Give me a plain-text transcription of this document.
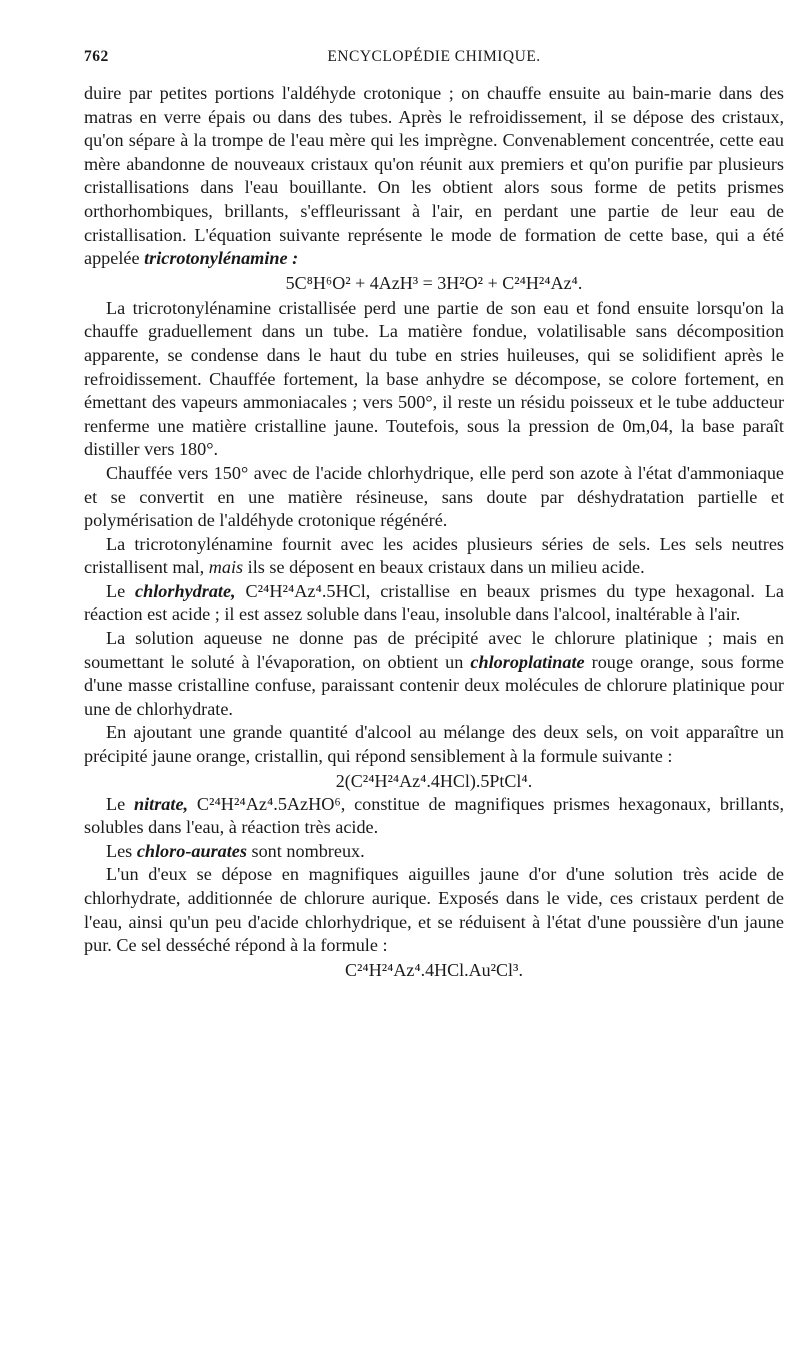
762	ENCYCLOPÉDIE CHIMIQUE.

duire par petites portions l'aldéhyde crotonique ; on chauffe ensuite au bain-marie dans des matras en verre épais ou dans des tubes. Après le refroidissement, il se dépose des cristaux, qu'on sépare à la trompe de l'eau mère qui les imprègne. Convenablement concentrée, cette eau mère abandonne de nouveaux cristaux qu'on réunit aux premiers et qu'on purifie par plusieurs cristallisations dans l'eau bouillante. On les obtient alors sous forme de petits prismes orthorhombiques, brillants, s'effleurissant à l'air, en perdant une partie de leur eau de cristallisation. L'équation suivante représente le mode de formation de cette base, qui a été appelée tricrotonylénamine :

5C⁸H⁶O² + 4AzH³ = 3H²O² + C²⁴H²⁴Az⁴.

La tricrotonylénamine cristallisée perd une partie de son eau et fond ensuite lorsqu'on la chauffe graduellement dans un tube. La matière fondue, volatilisable sans décomposition apparente, se condense dans le haut du tube en stries huileuses, qui se solidifient après le refroidissement. Chauffée fortement, la base anhydre se décompose, se colore fortement, en émettant des vapeurs ammoniacales ; vers 500°, il reste un résidu poisseux et le tube adducteur renferme une matière cristalline jaune. Toutefois, sous la pression de 0m,04, la base paraît distiller vers 180°.

Chauffée vers 150° avec de l'acide chlorhydrique, elle perd son azote à l'état d'ammoniaque et se convertit en une matière résineuse, sans doute par déshydratation partielle et polymérisation de l'aldéhyde crotonique régénéré.

La tricrotonylénamine fournit avec les acides plusieurs séries de sels. Les sels neutres cristallisent mal, mais ils se déposent en beaux cristaux dans un milieu acide.

Le chlorhydrate, C²⁴H²⁴Az⁴.5HCl, cristallise en beaux prismes du type hexagonal. La réaction est acide ; il est assez soluble dans l'eau, insoluble dans l'alcool, inaltérable à l'air.

La solution aqueuse ne donne pas de précipité avec le chlorure platinique ; mais en soumettant le soluté à l'évaporation, on obtient un chloroplatinate rouge orange, sous forme d'une masse cristalline confuse, paraissant contenir deux molécules de chlorure platinique pour une de chlorhydrate.

En ajoutant une grande quantité d'alcool au mélange des deux sels, on voit apparaître un précipité jaune orange, cristallin, qui répond sensiblement à la formule suivante :

2(C²⁴H²⁴Az⁴.4HCl).5PtCl⁴.

Le nitrate, C²⁴H²⁴Az⁴.5AzHO⁶, constitue de magnifiques prismes hexagonaux, brillants, solubles dans l'eau, à réaction très acide.

Les chloro-aurates sont nombreux.

L'un d'eux se dépose en magnifiques aiguilles jaune d'or d'une solution très acide de chlorhydrate, additionnée de chlorure aurique. Exposés dans le vide, ces cristaux perdent de l'eau, ainsi qu'un peu d'acide chlorhydrique, et se réduisent à l'état d'une poussière d'un jaune pur. Ce sel desséché répond à la formule :

C²⁴H²⁴Az⁴.4HCl.Au²Cl³.
